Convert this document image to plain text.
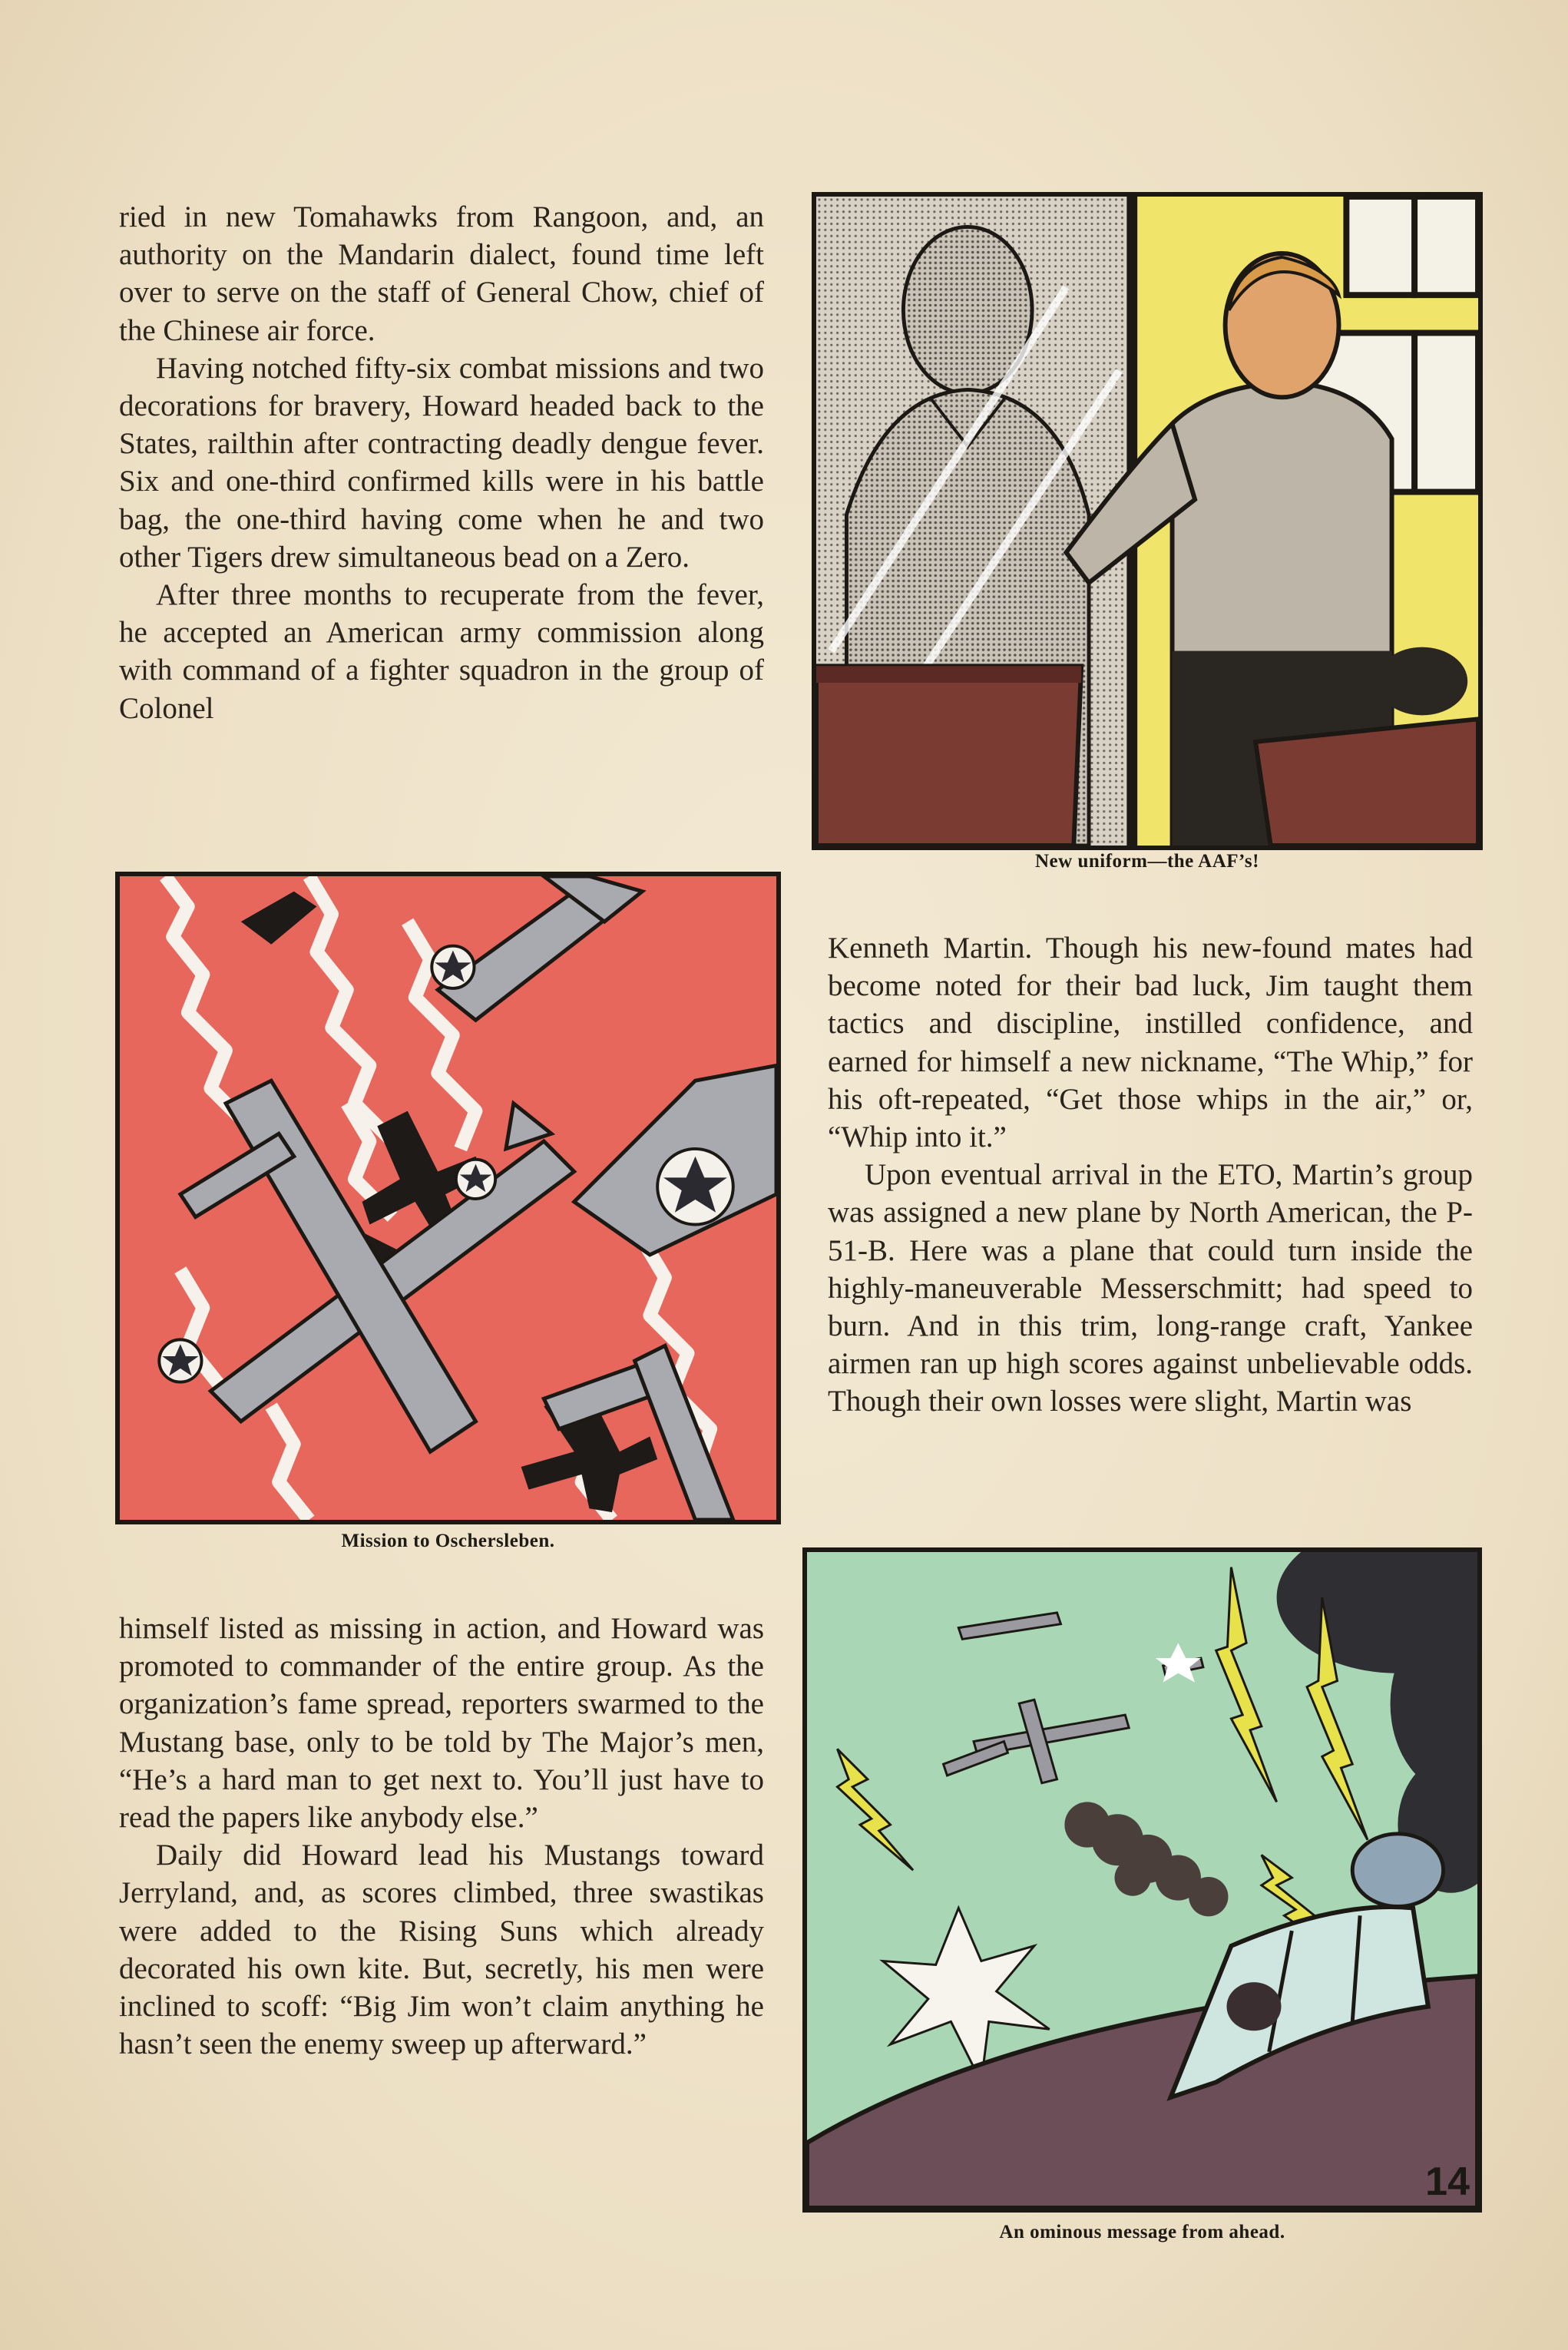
ried in new Tomahawks from Rangoon, and, an authority on the Mandarin dialect, found time left over to serve on the staff of General Chow, chief of the Chinese air force.

Having notched fifty-six combat missions and two decorations for bravery, Howard headed back to the States, railthin after contracting deadly dengue fever. Six and one-third confirmed kills were in his battle bag, the one-third having come when he and two other Tigers drew simultaneous bead on a Zero.

After three months to recuperate from the fever, he accepted an American army commission along with command of a fighter squadron in the group of Colonel

New uniform—the AAF’s!
Mission to Oschersleben.

Kenneth Martin. Though his new-found mates had become noted for their bad luck, Jim taught them tactics and discipline, instilled confidence, and earned for himself a new nickname, “The Whip,” for his oft-repeated, “Get those whips in the air,” or, “Whip into it.”

Upon eventual arrival in the ETO, Martin’s group was assigned a new plane by North American, the P-51-B. Here was a plane that could turn inside the highly-maneuverable Messerschmitt; had speed to burn. And in this trim, long-range craft, Yankee airmen ran up high scores against unbelievable odds. Though their own losses were slight, Martin was

himself listed as missing in action, and Howard was promoted to commander of the entire group. As the organization’s fame spread, reporters swarmed to the Mustang base, only to be told by The Major’s men, “He’s a hard man to get next to. You’ll just have to read the papers like anybody else.”

Daily did Howard lead his Mustangs toward Jerryland, and, as scores climbed, three swastikas were added to the Rising Suns which already decorated his own kite. But, secretly, his men were inclined to scoff: “Big Jim won’t claim anything he hasn’t seen the enemy sweep up afterward.”

14
An ominous message from ahead.
